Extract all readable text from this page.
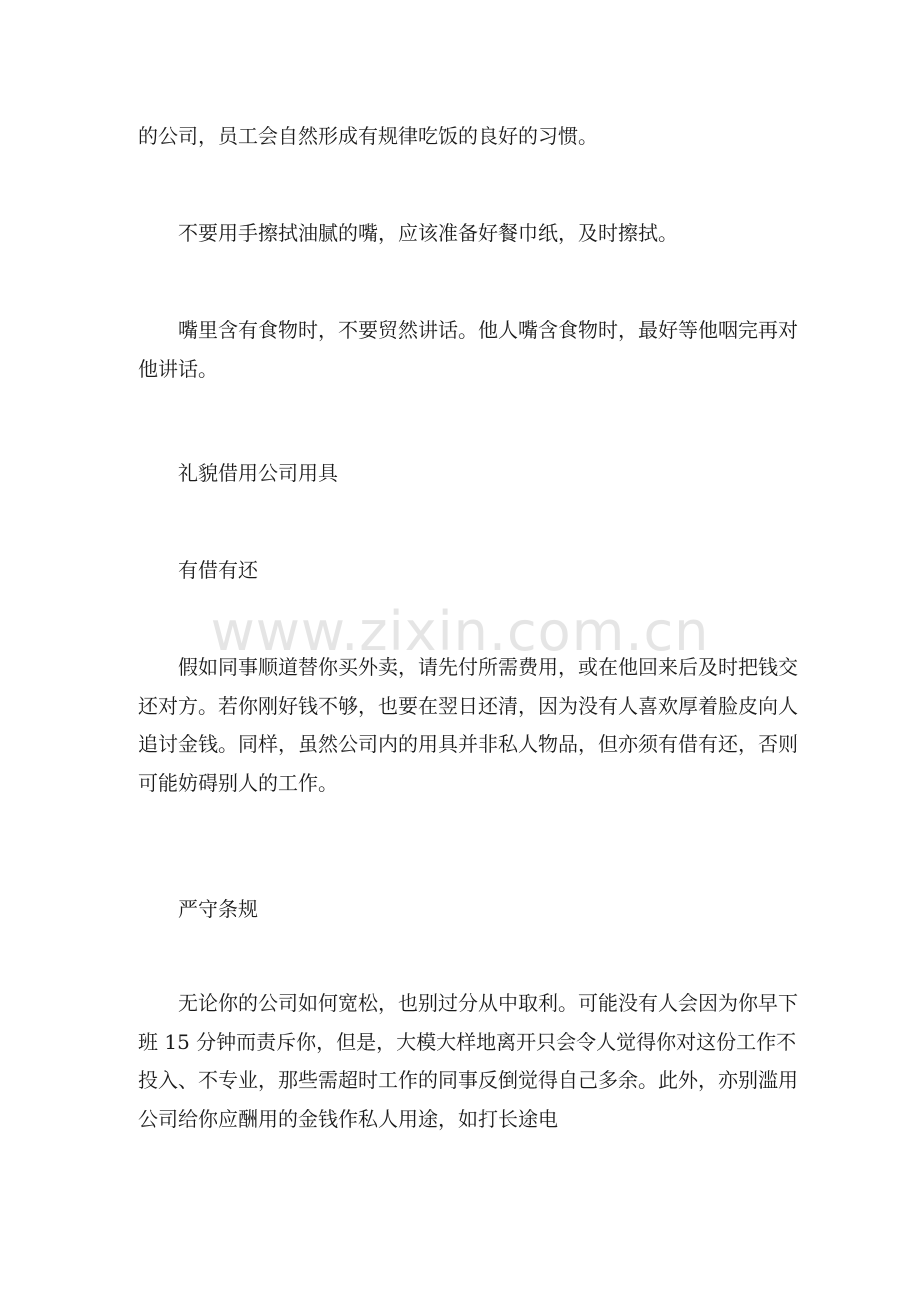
的公司，员工会自然形成有规律吃饭的良好的习惯。

不要用手擦拭油腻的嘴，应该准备好餐巾纸，及时擦拭。

嘴里含有食物时，不要贸然讲话。他人嘴含食物时，最好等他咽完再对他讲话。

礼貌借用公司用具

有借有还

假如同事顺道替你买外卖，请先付所需费用，或在他回来后及时把钱交还对方。若你刚好钱不够，也要在翌日还清，因为没有人喜欢厚着脸皮向人追讨金钱。同样，虽然公司内的用具并非私人物品，但亦须有借有还，否则可能妨碍别人的工作。

严守条规

无论你的公司如何宽松，也别过分从中取利。可能没有人会因为你早下班 15 分钟而责斥你，但是，大模大样地离开只会令人觉得你对这份工作不投入、不专业，那些需超时工作的同事反倒觉得自己多余。此外，亦别滥用公司给你应酬用的金钱作私人用途，如打长途电

www.zixin.com.cn
